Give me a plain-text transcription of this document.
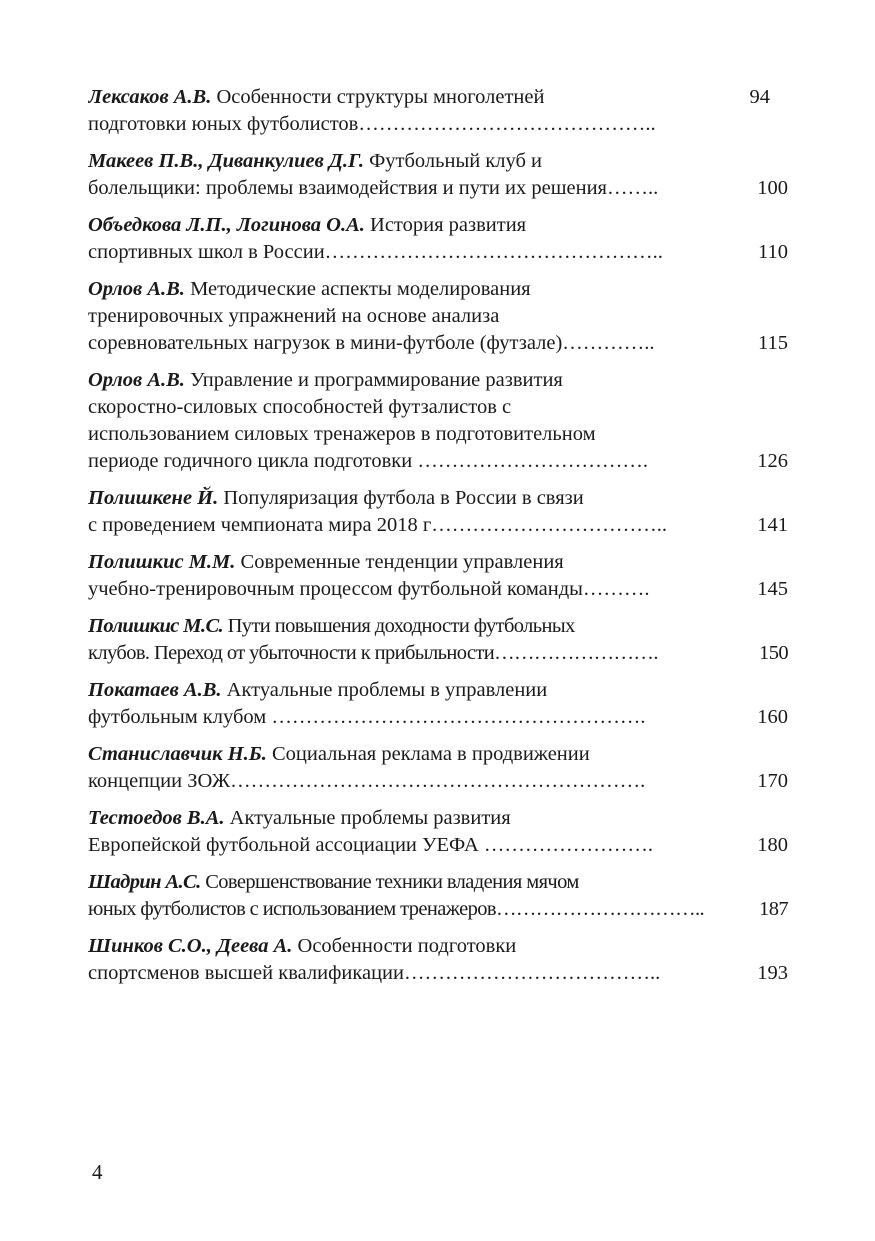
Лексаков А.В. Особенности структуры многолетней	94
подготовки юных футболистов……………………………………..
Макеев П.В., Диванкулиев Д.Г. Футбольный клуб и
болельщики: проблемы взаимодействия и пути их решения……..	100
Объедкова Л.П., Логинова О.А. История развития
спортивных школ в России…………………………………………..	110
Орлов А.В. Методические аспекты моделирования
тренировочных упражнений на основе анализа
соревновательных нагрузок в мини-футболе (футзале)…………..	115
Орлов А.В. Управление и программирование развития
скоростно-силовых способностей футзалистов с
использованием силовых тренажеров в подготовительном
периоде годичного цикла подготовки …………………………….	126
Полишкене Й. Популяризация футбола в России в связи
с проведением чемпионата мира 2018 г……………………………..	141
Полишкис М.М. Современные тенденции управления
учебно-тренировочным процессом футбольной команды……….	145
Полишкис М.С. Пути повышения доходности футбольных
клубов. Переход от убыточности к прибыльности…………………….	150
Покатаев А.В. Актуальные проблемы в управлении
футбольным клубом ……………………………………………….	160
Станиславчик Н.Б. Социальная реклама в продвижении
концепции ЗОЖ…………………………………………………….	170
Тестоедов В.А. Актуальные проблемы развития
Европейской футбольной ассоциации УЕФА …………………….	180
Шадрин А.С. Совершенствование техники владения мячом
юных футболистов с использованием тренажеров…………………………..	187
Шинков С.О., Деева А. Особенности подготовки
спортсменов высшей квалификации………………………………..	193
4
